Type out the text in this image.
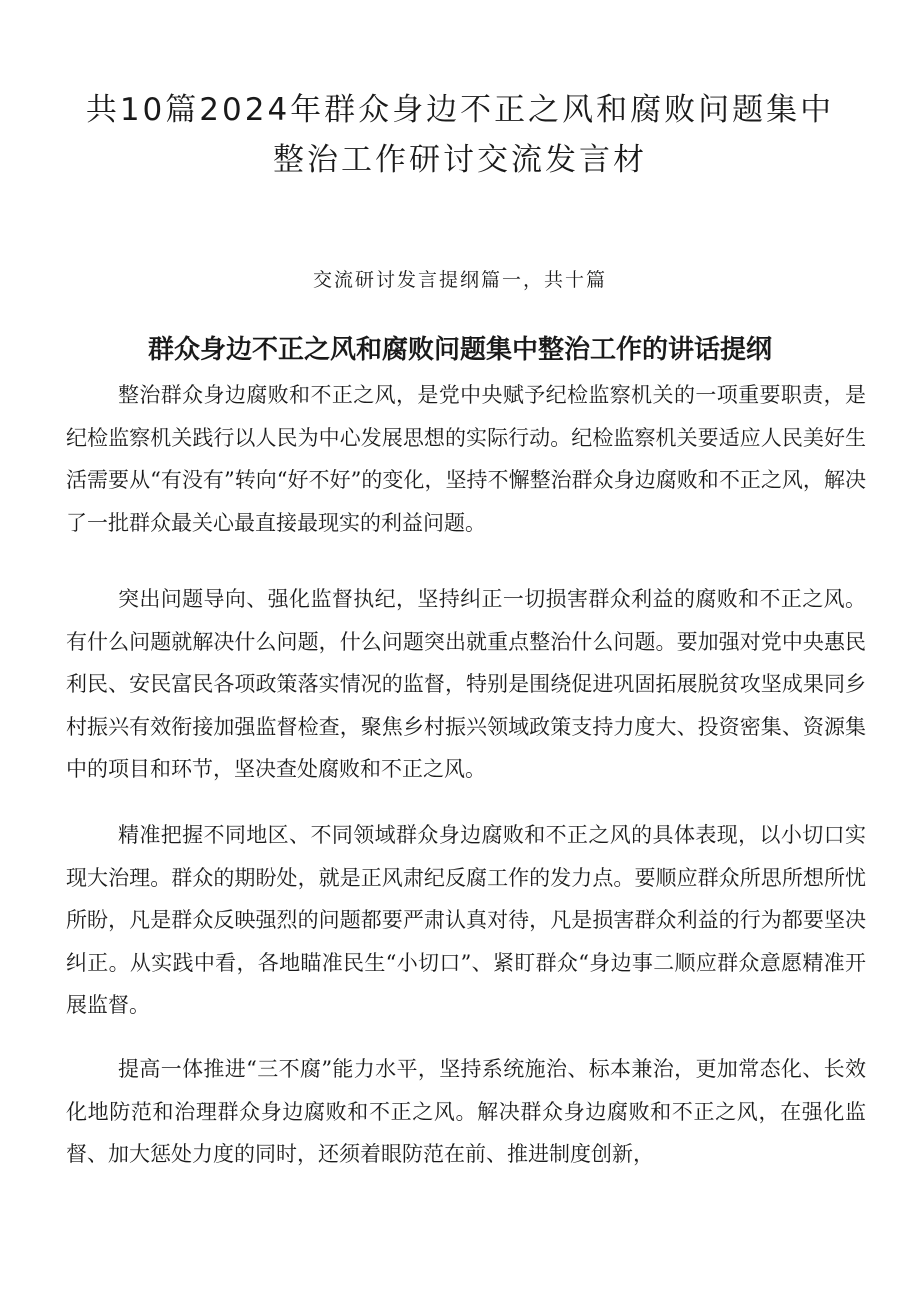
共10篇2024年群众身边不正之风和腐败问题集中
整治工作研讨交流发言材

交流研讨发言提纲篇一，共十篇

群众身边不正之风和腐败问题集中整治工作的讲话提纲

整治群众身边腐败和不正之风，是党中央赋予纪检监察机关的一项重要职责，是纪检监察机关践行以人民为中心发展思想的实际行动。纪检监察机关要适应人民美好生活需要从“有没有”转向“好不好”的变化，坚持不懈整治群众身边腐败和不正之风，解决了一批群众最关心最直接最现实的利益问题。

突出问题导向、强化监督执纪，坚持纠正一切损害群众利益的腐败和不正之风。有什么问题就解决什么问题，什么问题突出就重点整治什么问题。要加强对党中央惠民利民、安民富民各项政策落实情况的监督，特别是围绕促进巩固拓展脱贫攻坚成果同乡村振兴有效衔接加强监督检查，聚焦乡村振兴领域政策支持力度大、投资密集、资源集中的项目和环节，坚决查处腐败和不正之风。

精准把握不同地区、不同领域群众身边腐败和不正之风的具体表现，以小切口实现大治理。群众的期盼处，就是正风肃纪反腐工作的发力点。要顺应群众所思所想所忧所盼，凡是群众反映强烈的问题都要严肃认真对待，凡是损害群众利益的行为都要坚决纠正。从实践中看，各地瞄准民生“小切口”、紧盯群众“身边事二顺应群众意愿精准开展监督。

提高一体推进“三不腐”能力水平，坚持系统施治、标本兼治，更加常态化、长效化地防范和治理群众身边腐败和不正之风。解决群众身边腐败和不正之风，在强化监督、加大惩处力度的同时，还须着眼防范在前、推进制度创新，
